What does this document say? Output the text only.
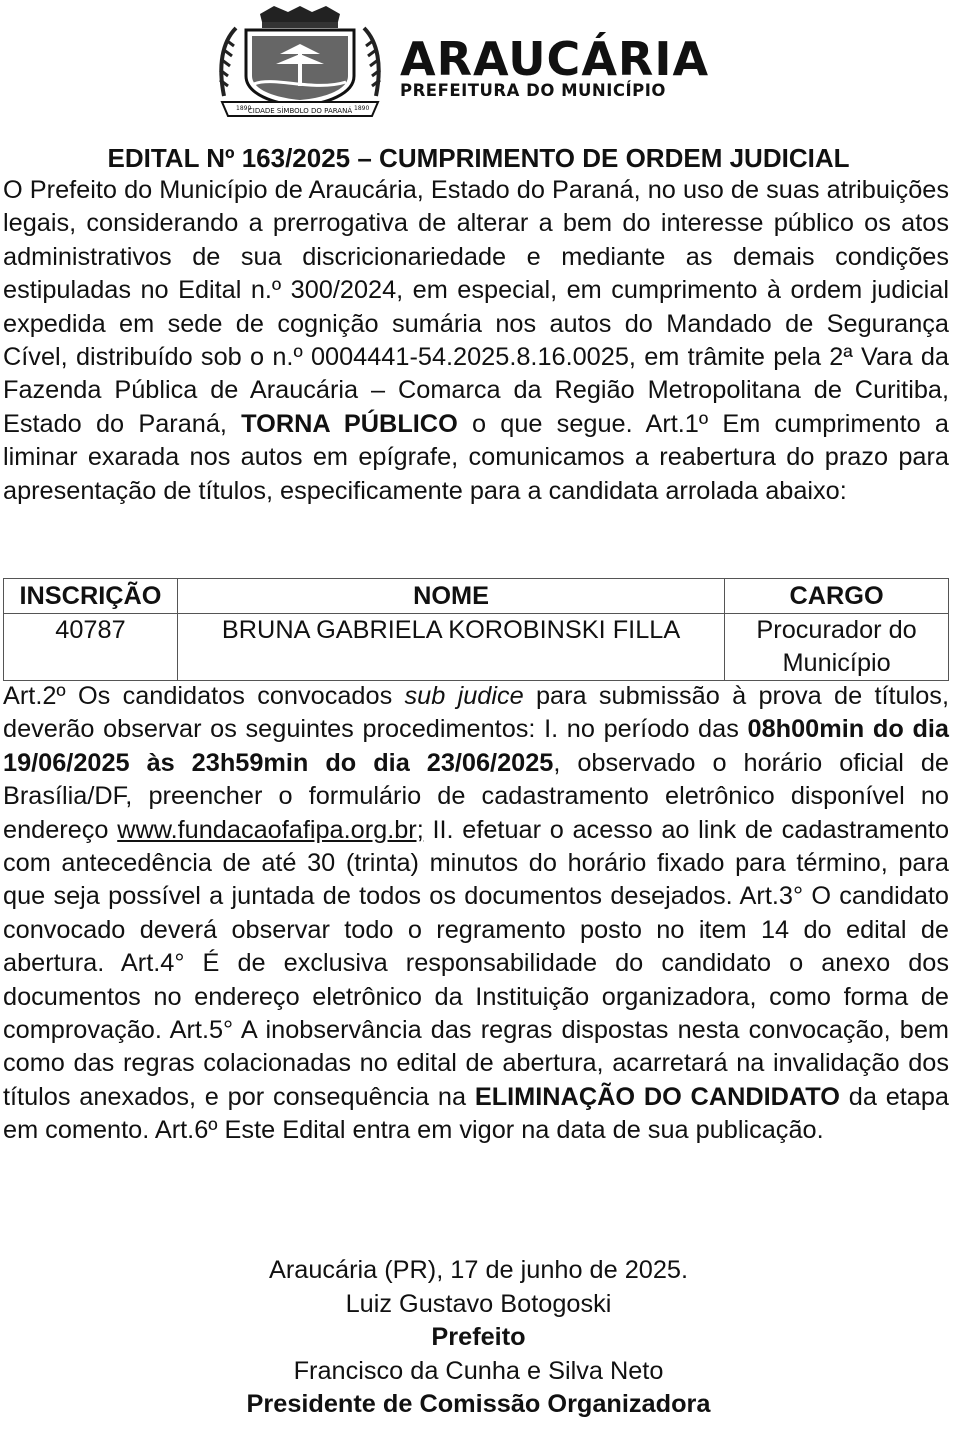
CIDADE SÍMBOLO DO PARANÁ
1890	1890
ARAUCÁRIA
PREFEITURA DO MUNICÍPIO
EDITAL Nº 163/2025 – CUMPRIMENTO DE ORDEM JUDICIAL
O Prefeito do Município de Araucária, Estado do Paraná, no uso de suas atribuições legais, considerando a prerrogativa de alterar a bem do interesse público os atos administrativos de sua discricionariedade e mediante as demais condições estipuladas no Edital n.º 300/2024, em especial, em cumprimento à ordem judicial expedida em sede de cognição sumária nos autos do Mandado de Segurança Cível, distribuído sob o n.º 0004441-54.2025.8.16.0025, em trâmite pela 2ª Vara da Fazenda Pública de Araucária – Comarca da Região Metropolitana de Curitiba, Estado do Paraná, TORNA PÚBLICO o que segue. Art.1º Em cumprimento a liminar exarada nos autos em epígrafe, comunicamos a reabertura do prazo para apresentação de títulos, especificamente para a candidata arrolada abaixo:
INSCRIÇÃO	NOME	CARGO
40787	BRUNA GABRIELA KOROBINSKI FILLA	Procurador do Município
Art.2º Os candidatos convocados sub judice para submissão à prova de títulos, deverão observar os seguintes procedimentos: I. no período das 08h00min do dia 19/06/2025 às 23h59min do dia 23/06/2025, observado o horário oficial de Brasília/DF, preencher o formulário de cadastramento eletrônico disponível no endereço www.fundacaofafipa.org.br; II. efetuar o acesso ao link de cadastramento com antecedência de até 30 (trinta) minutos do horário fixado para término, para que seja possível a juntada de todos os documentos desejados. Art.3° O candidato convocado deverá observar todo o regramento posto no item 14 do edital de abertura. Art.4° É de exclusiva responsabilidade do candidato o anexo dos documentos no endereço eletrônico da Instituição organizadora, como forma de comprovação. Art.5° A inobservância das regras dispostas nesta convocação, bem como das regras colacionadas no edital de abertura, acarretará na invalidação dos títulos anexados, e por consequência na ELIMINAÇÃO DO CANDIDATO da etapa em comento. Art.6º Este Edital entra em vigor na data de sua publicação.
Araucária (PR), 17 de junho de 2025.
Luiz Gustavo Botogoski
Prefeito
Francisco da Cunha e Silva Neto
Presidente de Comissão Organizadora
